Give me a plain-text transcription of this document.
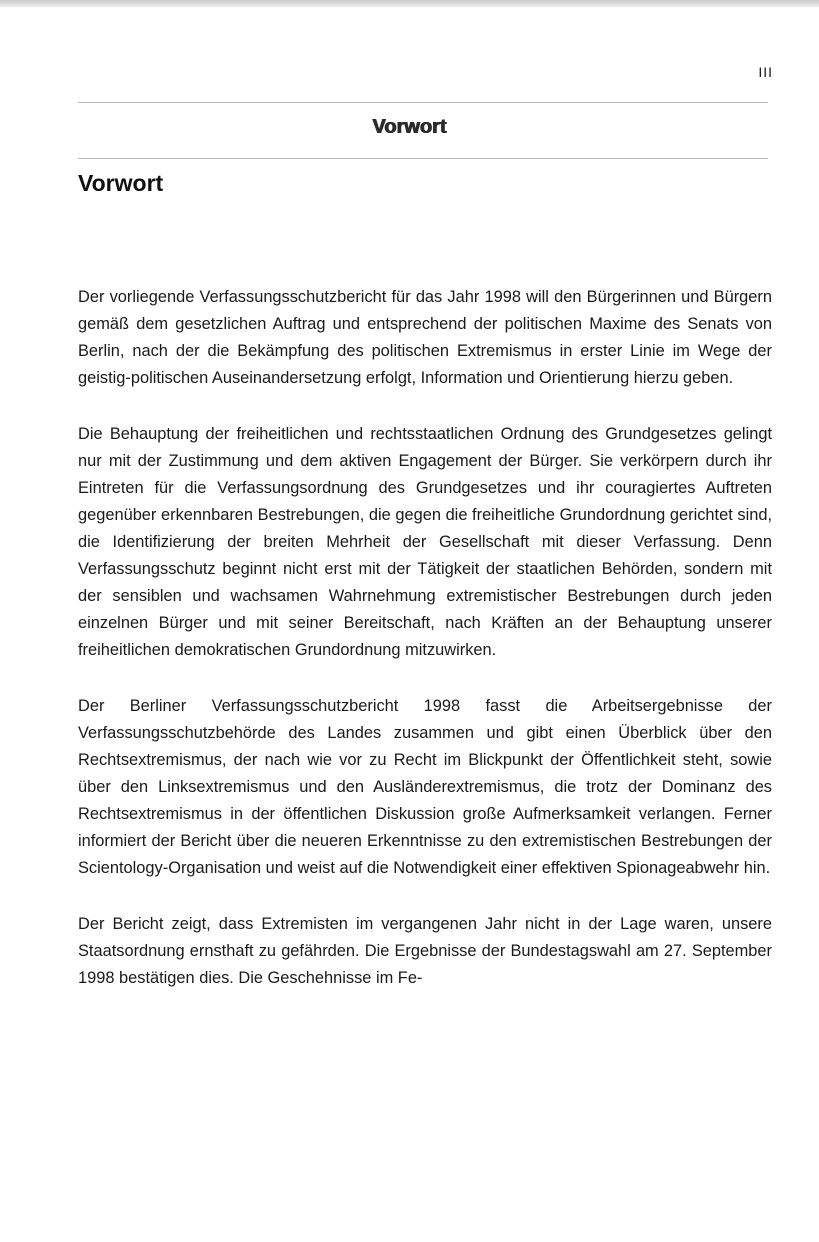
III
Vorwort
Vorwort

Der vorliegende Verfassungsschutzbericht für das Jahr 1998 will den Bürgerinnen und Bürgern gemäß dem gesetzlichen Auftrag und entsprechend der politischen Maxime des Senats von Berlin, nach der die Bekämpfung des politischen Extremismus in erster Linie im Wege der geistig-politischen Auseinandersetzung erfolgt, Information und Orientierung hierzu geben.

Die Behauptung der freiheitlichen und rechtsstaatlichen Ordnung des Grundgesetzes gelingt nur mit der Zustimmung und dem aktiven Engagement der Bürger. Sie verkörpern durch ihr Eintreten für die Verfassungsordnung des Grundgesetzes und ihr couragiertes Auftreten gegenüber erkennbaren Bestrebungen, die gegen die freiheitliche Grundordnung gerichtet sind, die Identifizierung der breiten Mehrheit der Gesellschaft mit dieser Verfassung. Denn Verfassungsschutz beginnt nicht erst mit der Tätigkeit der staatlichen Behörden, sondern mit der sensiblen und wachsamen Wahrnehmung extremistischer Bestrebungen durch jeden einzelnen Bürger und mit seiner Bereitschaft, nach Kräften an der Behauptung unserer freiheitlichen demokratischen Grundordnung mitzuwirken.

Der Berliner Verfassungsschutzbericht 1998 fasst die Arbeitsergebnisse der Verfassungsschutzbehörde des Landes zusammen und gibt einen Überblick über den Rechtsextremismus, der nach wie vor zu Recht im Blickpunkt der Öffentlichkeit steht, sowie über den Linksextremismus und den Ausländerextremismus, die trotz der Dominanz des Rechtsextremismus in der öffentlichen Diskussion große Aufmerksamkeit verlangen. Ferner informiert der Bericht über die neueren Erkenntnisse zu den extremistischen Bestrebungen der Scientology-Organisation und weist auf die Notwendigkeit einer effektiven Spionageabwehr hin.

Der Bericht zeigt, dass Extremisten im vergangenen Jahr nicht in der Lage waren, unsere Staatsordnung ernsthaft zu gefährden. Die Ergebnisse der Bundestagswahl am 27. September 1998 bestätigen dies. Die Geschehnisse im Fe-
